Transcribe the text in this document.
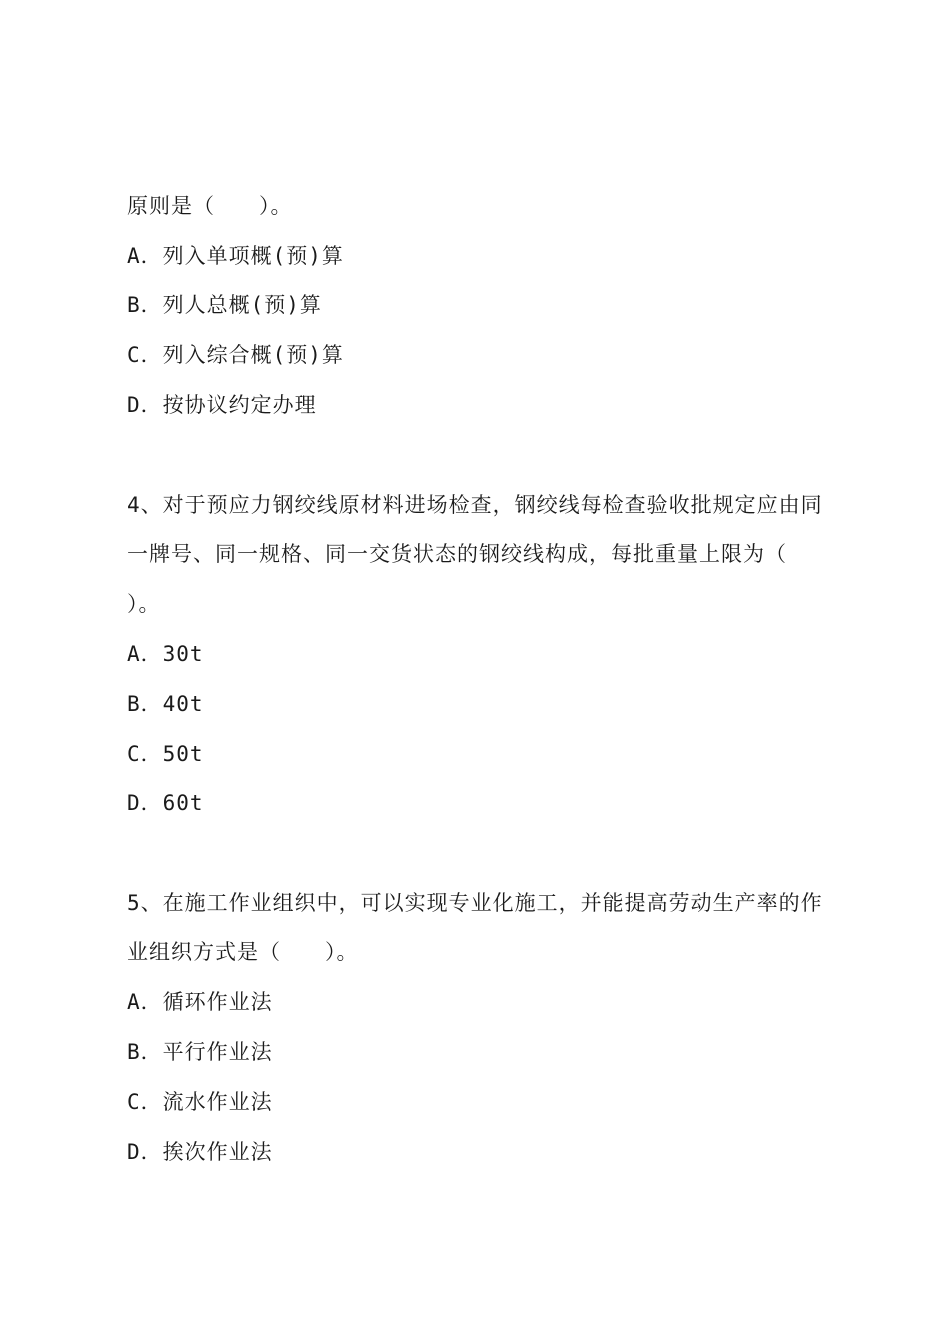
原则是（　　）。
A．列入单项概(预)算
B．列人总概(预)算
C．列入综合概(预)算
D．按协议约定办理
4、对于预应力钢绞线原材料进场检查，钢绞线每检查验收批规定应由同
一牌号、同一规格、同一交货状态的钢绞线构成，每批重量上限为（
）。
A．30t
B．40t
C．50t
D．60t
5、在施工作业组织中，可以实现专业化施工，并能提高劳动生产率的作
业组织方式是（　　）。
A．循环作业法
B．平行作业法
C．流水作业法
D．挨次作业法
